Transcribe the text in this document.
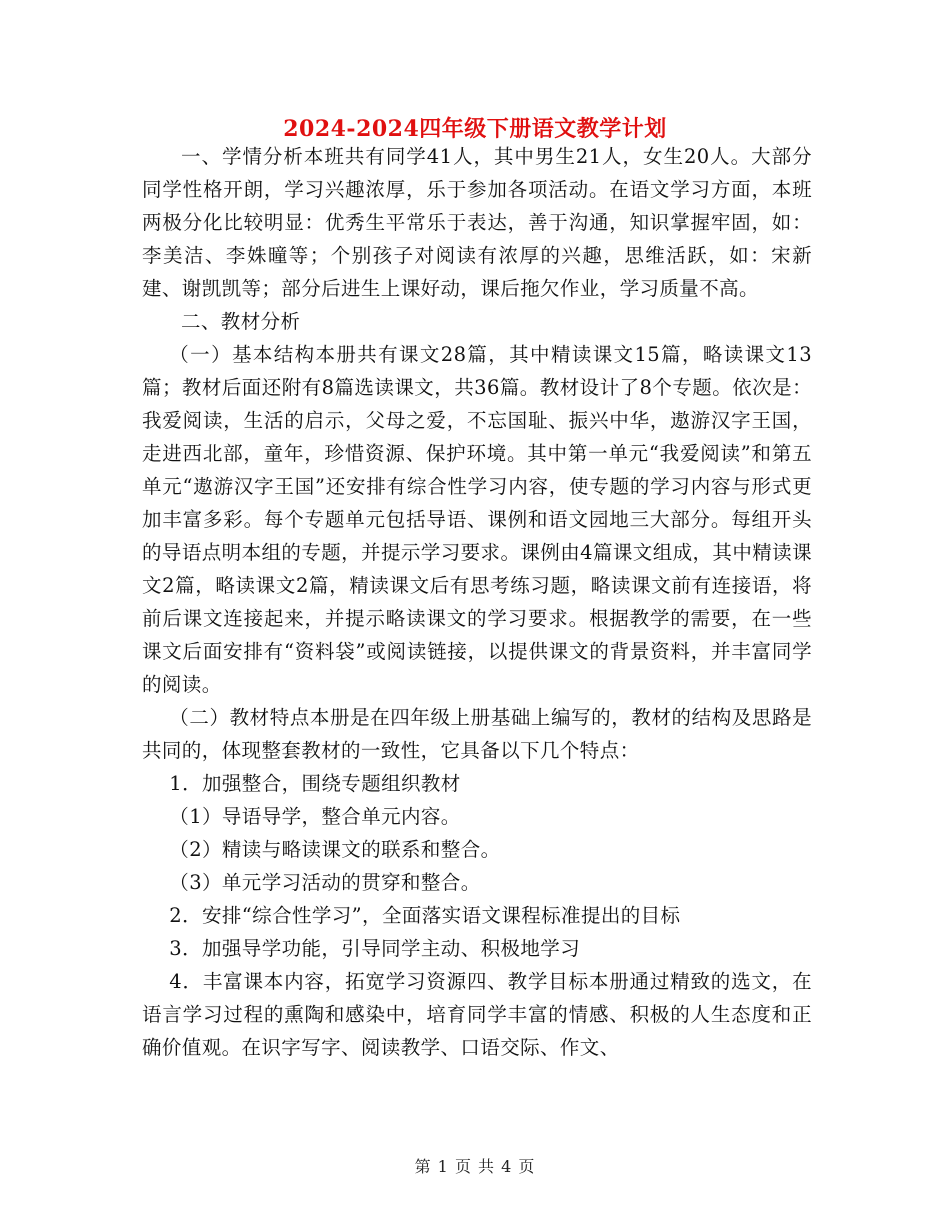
2024-2024四年级下册语文教学计划

一、学情分析本班共有同学41人，其中男生21人，女生20人。大部分同学性格开朗，学习兴趣浓厚，乐于参加各项活动。在语文学习方面，本班两极分化比较明显：优秀生平常乐于表达，善于沟通，知识掌握牢固，如：李美洁、李姝曈等；个别孩子对阅读有浓厚的兴趣，思维活跃，如：宋新建、谢凯凯等；部分后进生上课好动，课后拖欠作业，学习质量不高。

二、教材分析

（一）基本结构本册共有课文28篇，其中精读课文15篇，略读课文13篇；教材后面还附有8篇选读课文，共36篇。教材设计了8个专题。依次是：我爱阅读，生活的启示，父母之爱，不忘国耻、振兴中华，遨游汉字王国，走进西北部，童年，珍惜资源、保护环境。其中第一单元“我爱阅读”和第五单元“遨游汉字王国”还安排有综合性学习内容，使专题的学习内容与形式更加丰富多彩。每个专题单元包括导语、课例和语文园地三大部分。每组开头的导语点明本组的专题，并提示学习要求。课例由4篇课文组成，其中精读课文2篇，略读课文2篇，精读课文后有思考练习题，略读课文前有连接语，将前后课文连接起来，并提示略读课文的学习要求。根据教学的需要，在一些课文后面安排有“资料袋”或阅读链接，以提供课文的背景资料，并丰富同学的阅读。

（二）教材特点本册是在四年级上册基础上编写的，教材的结构及思路是共同的，体现整套教材的一致性，它具备以下几个特点：

1．加强整合，围绕专题组织教材

（1）导语导学，整合单元内容。

（2）精读与略读课文的联系和整合。

（3）单元学习活动的贯穿和整合。

2．安排“综合性学习”，全面落实语文课程标准提出的目标

3．加强导学功能，引导同学主动、积极地学习

4．丰富课本内容，拓宽学习资源四、教学目标本册通过精致的选文，在语言学习过程的熏陶和感染中，培育同学丰富的情感、积极的人生态度和正确价值观。在识字写字、阅读教学、口语交际、作文、

第 1 页 共 4 页
